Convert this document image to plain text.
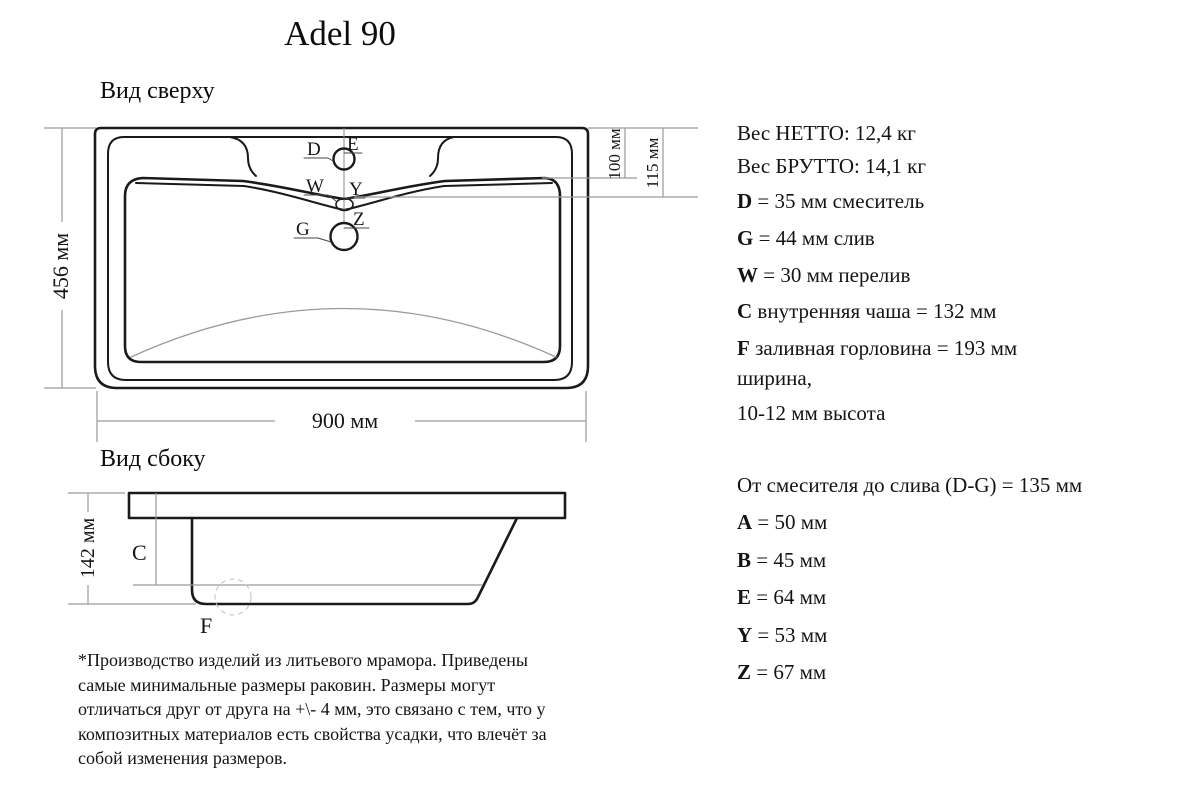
Adel 90
Вид сверху
Вид сбоку
D E
W Y
G Z
456 мм
900 мм
100 мм 115 мм
142 мм C
F
Вес НЕТТО: 12,4 кг
Вес БРУТТО: 14,1 кг
D = 35 мм смеситель
G = 44 мм слив
W = 30 мм перелив
C внутренняя чаша = 132 мм
F заливная горловина = 193 мм
ширина,
10-12 мм высота
От смесителя до слива (D-G) = 135 мм
A = 50 мм
B = 45 мм
E = 64 мм
Y = 53 мм
Z = 67 мм
*Производство изделий из литьевого мрамора. Приведены
самые минимальные размеры раковин. Размеры могут
отличаться друг от друга на +\- 4 мм, это связано с тем, что у
композитных материалов есть свойства усадки, что влечёт за
собой изменения размеров.
